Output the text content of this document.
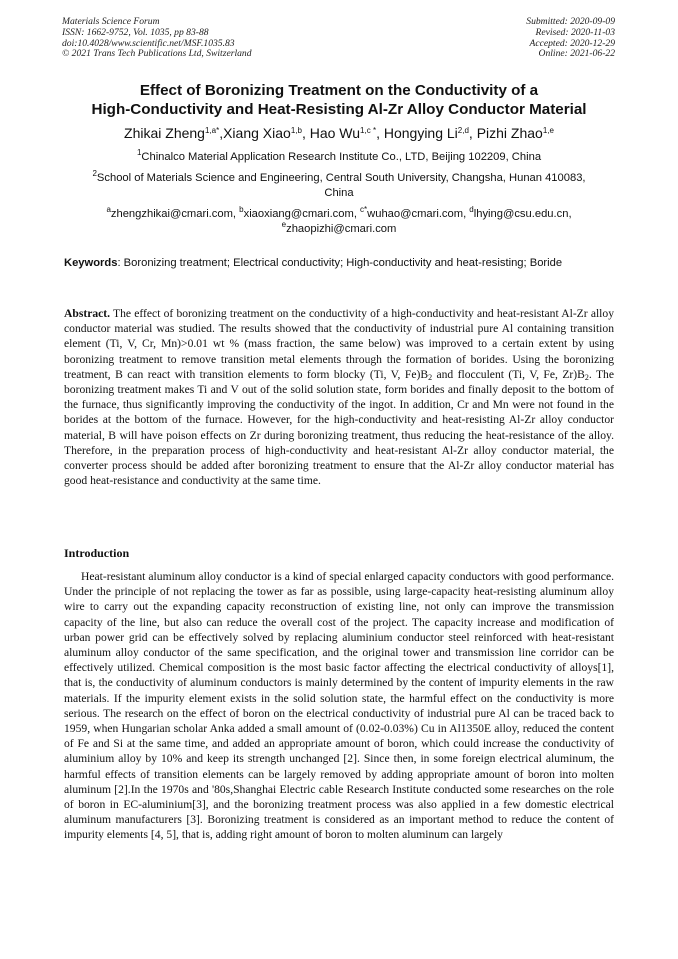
Materials Science Forum
ISSN: 1662-9752, Vol. 1035, pp 83-88
doi:10.4028/www.scientific.net/MSF.1035.83
© 2021 Trans Tech Publications Ltd, Switzerland
Submitted: 2020-09-09
Revised: 2020-11-03
Accepted: 2020-12-29
Online: 2021-06-22
Effect of Boronizing Treatment on the Conductivity of a
High-Conductivity and Heat-Resisting Al-Zr Alloy Conductor Material
Zhikai Zheng$^{1,a*}$,Xiang Xiao$^{1,b}$, Hao $Wu^{1,c *}$, Hongying Li$^{2,d}$, Pizhi Zhao$^{1,e}$
$^1$Chinalco Material Application Research Institute Co., LTD, Beijing 102209, China
$^2$School of Materials Science and Engineering, Central South University, Changsha, Hunan 410083, China
$^a$zhengzhikai@cmari.com, $^b$xiaoxiang@cmari.com, $^{c*}$wuhao@cmari.com, $^d$lhying@csu.edu.cn,
$^e$zhaopizhi@cmari.com
Keywords: Boronizing treatment; Electrical conductivity; High-conductivity and heat-resisting; Boride

Abstract. The effect of boronizing treatment on the conductivity of a high-conductivity and heat-resistant Al-Zr alloy conductor material was studied. The results showed that the conductivity of industrial pure Al containing transition element (Ti, V, Cr, Mn)>0.01 wt % (mass fraction, the same below) was improved to a certain extent by using boronizing treatment to remove transition metal elements through the formation of borides. Using the boronizing treatment, B can react with transition elements to form blocky (Ti, V, $Fe)B_2$ and flocculent (Ti, V, Fe, $Zr)B_2$. The boronizing treatment makes Ti and V out of the solid solution state, form borides and finally deposit to the bottom of the furnace, thus significantly improving the conductivity of the ingot. In addition, Cr and Mn were not found in the borides at the bottom of the furnace. However, for the high-conductivity and heat-resisting Al-Zr alloy conductor material, B will have poison effects on Zr during boronizing treatment, thus reducing the heat-resistance of the alloy. Therefore, in the preparation process of high-conductivity and heat-resistant Al-Zr alloy conductor material, the converter process should be added after boronizing treatment to ensure that the Al-Zr alloy conductor material has good heat-resistance and conductivity at the same time.

Introduction

Heat-resistant aluminum alloy conductor is a kind of special enlarged capacity conductors with good performance. Under the principle of not replacing the tower as far as possible, using large-capacity heat-resisting aluminum alloy wire to carry out the expanding capacity reconstruction of existing line, not only can improve the transmission capacity of the line, but also can reduce the overall cost of the project. The capacity increase and modification of urban power grid can be effectively solved by replacing aluminium conductor steel reinforced with heat-resistant aluminum alloy conductor of the same specification, and the original tower and transmission line corridor can be effectively utilized. Chemical composition is the most basic factor affecting the electrical conductivity of alloys[1], that is, the conductivity of aluminum conductors is mainly determined by the content of impurity elements in the raw materials. If the impurity element exists in the solid solution state, the harmful effect on the conductivity is more serious. The research on the effect of boron on the electrical conductivity of industrial pure Al can be traced back to 1959, when Hungarian scholar Anka added a small amount of (0.02-0.03%) Cu in Al1350E alloy, reduced the content of Fe and Si at the same time, and added an appropriate amount of boron, which could increase the conductivity of aluminium alloy by 10% and keep its strength unchanged [2]. Since then, in some foreign electrical aluminum, the harmful effects of transition elements can be largely removed by adding appropriate amount of boron into molten aluminum [2].In the 1970s and '80s,Shanghai Electric cable Research Institute conducted some researches on the role of boron in EC-aluminium[3], and the boronizing treatment process was also applied in a few domestic electrical aluminum manufacturers [3]. Boronizing treatment is considered as an important method to reduce the content of impurity elements [4, 5], that is, adding right amount of boron to molten aluminum can largely
